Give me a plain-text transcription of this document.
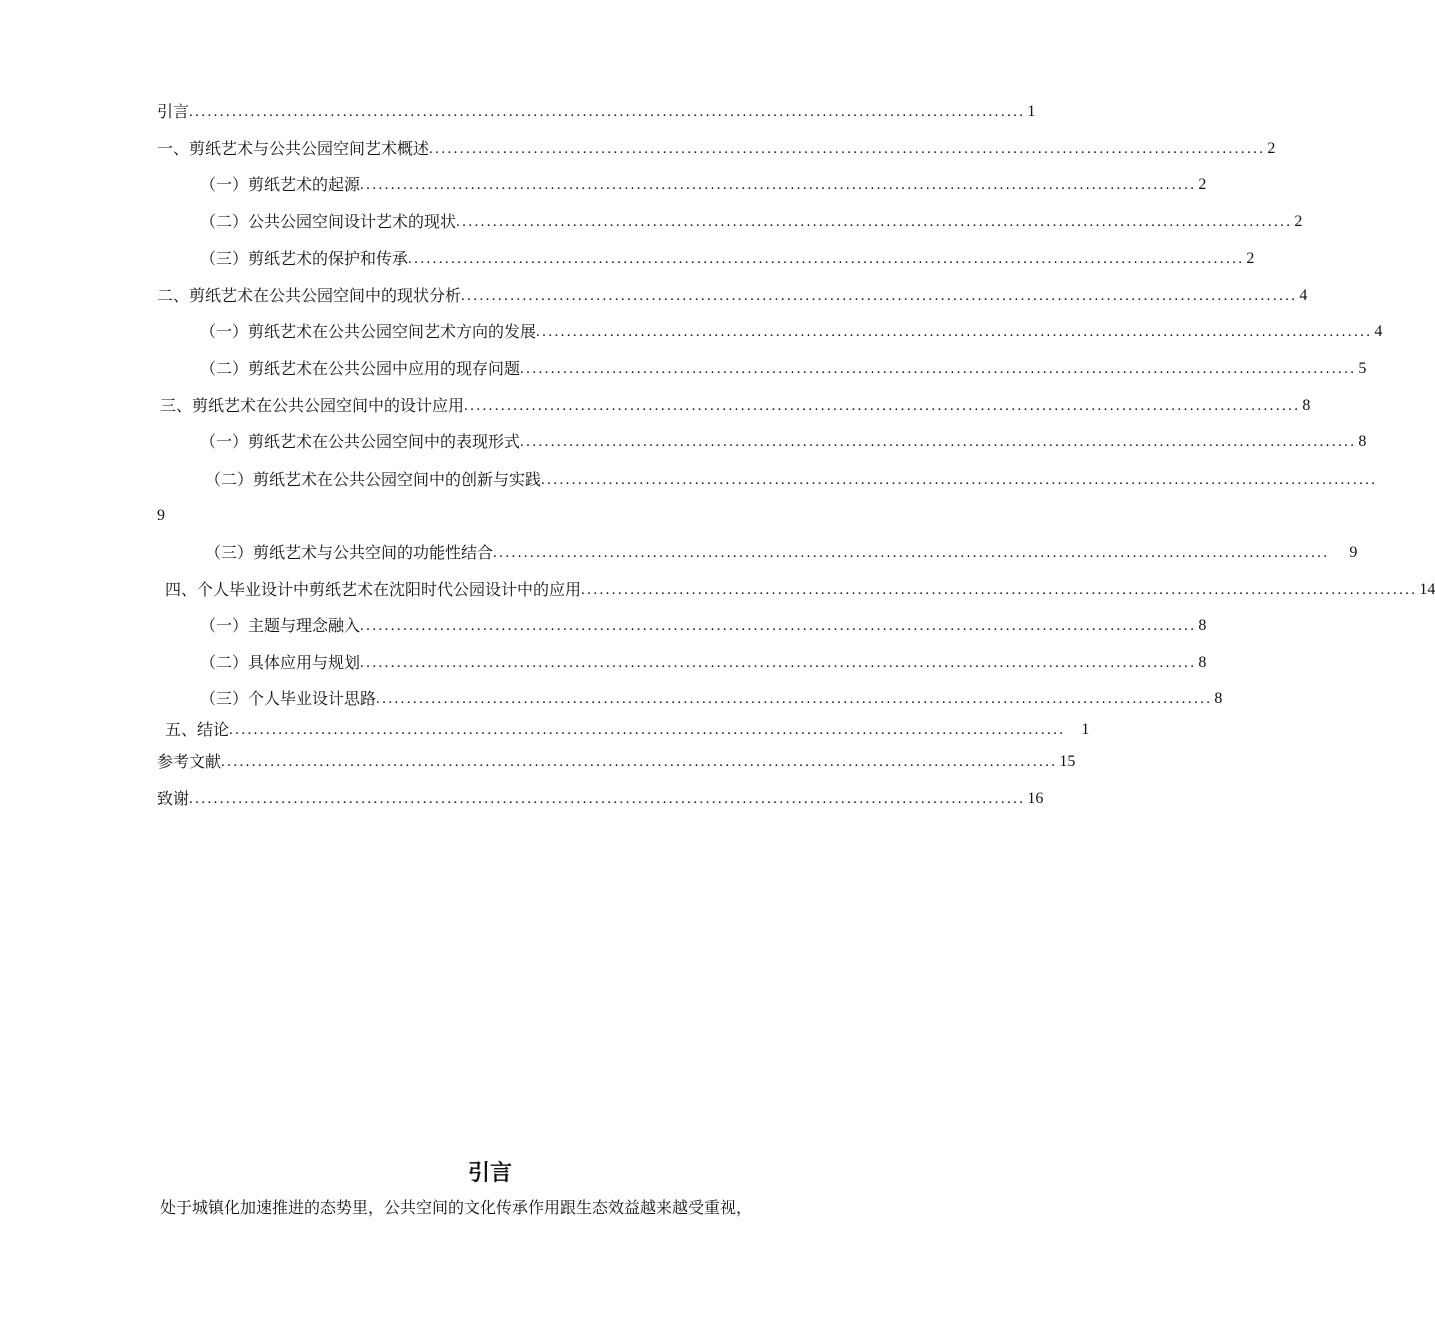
引言 ........................................................................................................................................ 1
一、剪纸艺术与公共公园空间艺术概述 ........................................................................................................................................ 2
（一）剪纸艺术的起源 ........................................................................................................................................ 2
（二）公共公园空间设计艺术的现状 ........................................................................................................................................ 2
（三）剪纸艺术的保护和传承 ........................................................................................................................................ 2
二、剪纸艺术在公共公园空间中的现状分析 ........................................................................................................................................ 4
（一）剪纸艺术在公共公园空间艺术方向的发展 ........................................................................................................................................ 4
（二）剪纸艺术在公共公园中应用的现存问题 ........................................................................................................................................ 5
三、剪纸艺术在公共公园空间中的设计应用 ........................................................................................................................................ 8
（一）剪纸艺术在公共公园空间中的表现形式 ........................................................................................................................................ 8
（二）剪纸艺术在公共公园空间中的创新与实践 ........................................................................................................................................
9
（三）剪纸艺术与公共空间的功能性结合 ........................................................................................................................................ 9
四、个人毕业设计中剪纸艺术在沈阳时代公园设计中的应用 ........................................................................................................................................ 14
（一）主题与理念融入 ........................................................................................................................................ 8
（二）具体应用与规划 ........................................................................................................................................ 8
（三）个人毕业设计思路 ........................................................................................................................................ 8
五、结论 ........................................................................................................................................ 1
参考文献 ........................................................................................................................................ 15
致谢 ........................................................................................................................................ 16
引言
处于城镇化加速推进的态势里，公共空间的文化传承作用跟生态效益越来越受重视，
